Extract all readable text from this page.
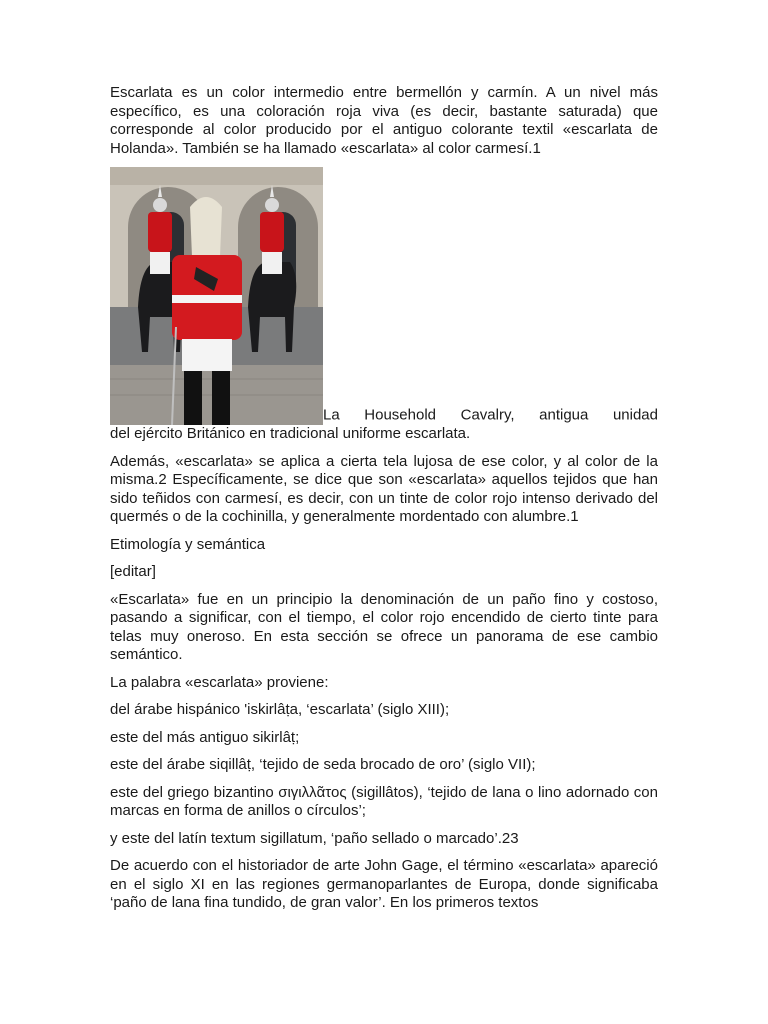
Escarlata es un color intermedio entre bermellón y carmín. A un nivel más específico, es una coloración roja viva (es decir, bastante saturada) que corresponde al color producido por el antiguo colorante textil «escarlata de Holanda». También se ha llamado «escarlata» al color carmesí.1

La Household Cavalry, antigua unidad

del ejército Británico en tradicional uniforme escarlata.

Además, «escarlata» se aplica a cierta tela lujosa de ese color, y al color de la misma.2 Específicamente, se dice que son «escarlata» aquellos tejidos que han sido teñidos con carmesí, es decir, con un tinte de color rojo intenso derivado del quermés o de la cochinilla, y generalmente mordentado con alumbre.1

Etimología y semántica

[editar]

«Escarlata» fue en un principio la denominación de un paño fino y costoso, pasando a significar, con el tiempo, el color rojo encendido de cierto tinte para telas muy oneroso. En esta sección se ofrece un panorama de ese cambio semántico.

La palabra «escarlata» proviene:

del árabe hispánico 'iskirlâṭa, ‘escarlata’ (siglo XIII);

este del más antiguo sikirlâṭ;

este del árabe siqillâṭ, ‘tejido de seda brocado de oro’ (siglo VII);

este del griego bizantino σιγιλλᾶτος (sigillâtos), ‘tejido de lana o lino adornado con marcas en forma de anillos o círculos’;

y este del latín textum sigillatum, ‘paño sellado o marcado’.23

De acuerdo con el historiador de arte John Gage, el término «escarlata» apareció en el siglo XI en las regiones germanoparlantes de Europa, donde significaba ‘paño de lana fina tundido, de gran valor’. En los primeros textos
